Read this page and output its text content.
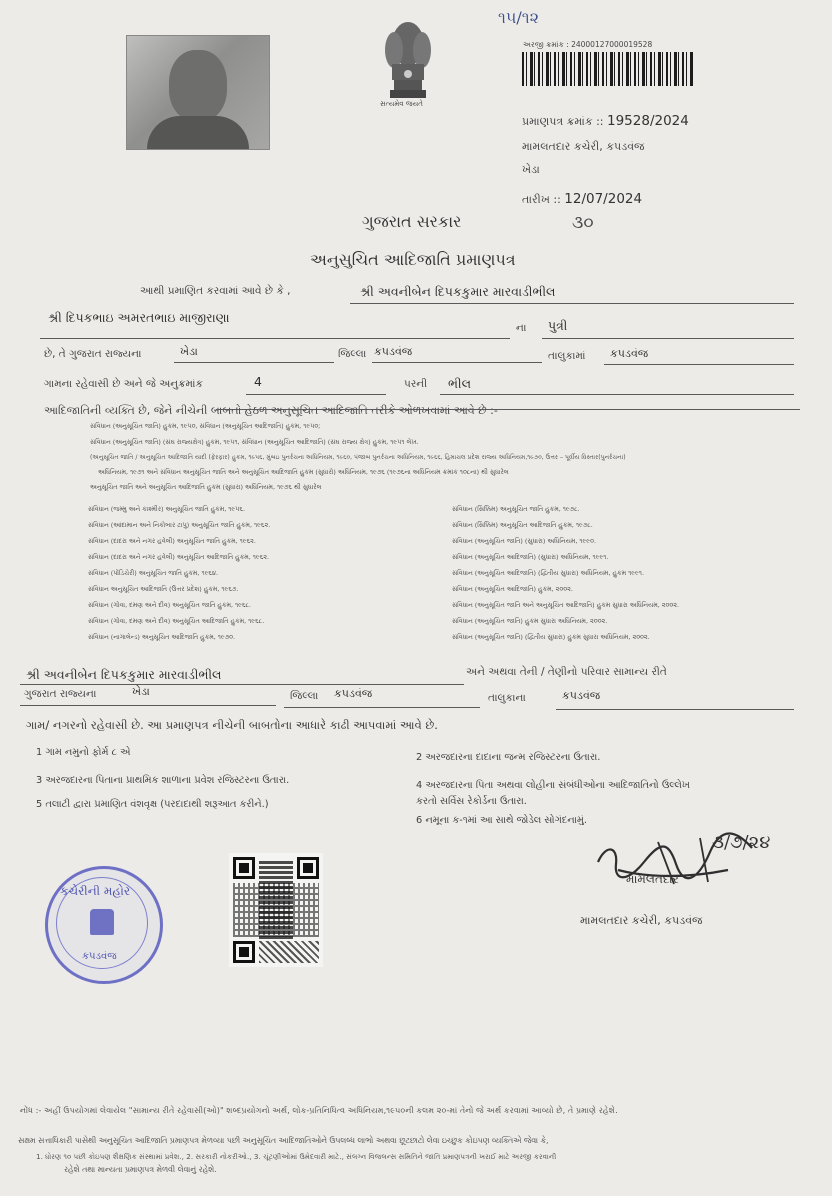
૧૫/૧૨
સત્યમેવ જયતે
અરજી ક્રમાંક : 24000127000019528
પ્રમાણપત્ર ક્રમાંક :: 19528/2024
મામલતદાર કચેરી, કપડવંજ
ખેડા
તારીખ :: 12/07/2024
ગુજરાત સરકાર	૩૦
અનુસુચિત આદિજાતિ પ્રમાણપત્ર
આથી પ્રમાણિત કરવામાં આવે છે કે ,	શ્રી અવનીબેન દિપકકુમાર મારવાડીભીલ
શ્રી દિપકભાઇ અમરતભાઇ માજીરાણા
ના પુત્રી
છે, તે ગુજરાત રાજ્યના	ખેડા	જિલ્લા કપડવંજ	તાલુકામાં કપડવંજ
ગામના રહેવાસી છે અને જે અનુક્રમાંક	4	પરની ભીલ
આદિજાતિની વ્યક્તિ છે, જેને નીચેની બાબતો હેઠળ અનુસૂચિત આદિજાતિ તરીકે ઓળખવામાં આવે છે :-
સંવિધાન (અનુસૂચિત જાતિ) હુકમ, ૧૯૫૦, સંવિધાન (અનુસૂચિત આદિજાતિ) હુકમ, ૧૯૫૦;
સંવિધાન (અનુસૂચિત જાતિ) (સંઘ રાજ્યક્ષેત્ર) હુકમ, ૧૯૫૧, સંવિધાન (અનુસૂચિત આદિજાતિ) (સંઘ રાજ્ય ક્ષેત્ર) હુકમ, ૧૯૫૧ લેખ.
(અનુસૂચિત જાતિ / અનુસૂચિત આદિજાતિ યાદી (ફેરફાર) હુકમ, ૧૯૫૬, મુંબઇ પુનર્રચના અધિનિયમ, ૧૯૬૦, પંજાબ પુનર્રચના અધિનિયમ, ૧૯૬૬, હિમાચલ પ્રદેશ રાજ્ય અધિનિયમ,૧૯૭૦, ઉત્તર – પૂર્વીય વિસ્તાર(પુનર્રચના)
અધિનિયમ, ૧૯૭૧ અને સંવિધાન અનુસૂચિત જાતિ અને અનુસૂચિત આદિજાતિ હુકમ (સુધારો) અધિનિયમ, ૧૯૭૬ (૧૯૭૬ના અધિનિયમ ક્રમાંક ૧૦૮ના) થી સુધારેલ
અનુસૂચિત જાતિ અને અનુસૂચિત આદિજાતિ હુકમ (સુધારા) અધિનિયમ, ૧૯૭૬ થી સુધારેલ
સંવિધાન (જમ્મુ અને કાશ્મીર) અનુસૂચિત જાતિ હુકમ, ૧૯૫૬.
સંવિધાન (આંદામાન અને નિકોબાર ટાપુ) અનુસૂચિત જાતિ હુકમ, ૧૯૬૨.
સંવિધાન (દાદરા અને નગર હવેલી) અનુસૂચિત જાતિ હુકમ, ૧૯૬૨.
સંવિધાન (દાદરા અને નગર હવેલી) અનુસૂચિત આદિજાતિ હુકમ, ૧૯૬૨.
સંવિધાન (પોંડિચેરી) અનુસૂચિત જાતિ હુકમ, ૧૯૬૪.
સંવિધાન અનુસૂચિત આદિજાતિ (ઉત્તર પ્રદેશ) હુકમ, ૧૯૬૭.
સંવિધાન (ગોવા, દમણ અને દીવ) અનુસૂચિત જાતિ હુકમ, ૧૯૬૮.
સંવિધાન (ગોવા, દમણ અને દીવ) અનુસૂચિત આદિજાતિ હુકમ, ૧૯૬૮.
સંવિધાન (નાગાલેન્ડ) અનુસૂચિત આદિજાતિ હુકમ, ૧૯૭૦.
સંવિધાન (સિક્કિમ) અનુસૂચિત જાતિ હુકમ, ૧૯૭૮.
સંવિધાન (સિક્કિમ) અનુસૂચિત આદિજાતિ હુકમ, ૧૯૭૮.
સંવિધાન (અનુસૂચિત જાતિ) (સુધારા) અધિનિયમ, ૧૯૯૦.
સંવિધાન (અનુસૂચિત આદિજાતિ) (સુધારા) અધિનિયમ, ૧૯૯૧.
સંવિધાન (અનુસૂચિત આદિજાતિ) (દ્વિતીય સુધારા) અધિનિયમ, હુકમ ૧૯૯૧.
સંવિધાન (અનુસૂચિત આદિજાતિ) હુકમ, ૨૦૦૨.
સંવિધાન (અનુસૂચિત જાતિ અને અનુસૂચિત આદિજાતિ) હુકમ સુધારા અધિનિયમ, ૨૦૦૨.
સંવિધાન (અનુસૂચિત જાતિ) હુકમ સુધારા અધિનિયમ, ૨૦૦૨.
સંવિધાન (અનુસૂચિત જાતિ) (દ્વિતીય સુધારા) હુકમ સુધારા અધિનિયમ, ૨૦૦૨.
શ્રી અવનીબેન દિપકકુમાર મારવાડીભીલ	અને અથવા તેની / તેણીનો પરિવાર સામાન્ય રીતે
ગુજરાત રાજ્યના	ખેડા	જિલ્લા કપડવંજ	તાલુકાના	કપડવંજ
ગામ/ નગરનો રહેવાસી છે. આ પ્રમાણપત્ર નીચેની બાબતોના આધારે કાઢી આપવામાં આવે છે.
1 ગામ નમુનો ફોર્મ ૮ એ
3 અરજદારના પિતાના પ્રાથમિક શાળાના પ્રવેશ રજિસ્ટરના ઉતારા.
5 તલાટી દ્વારા પ્રમાણિત વંશવૃક્ષ (પરદાદાથી શરૂઆત કરીને.)
2 અરજદારના દાદાના જન્મ રજિસ્ટરના ઉતારા.
4 અરજદારના પિતા અથવા લોહીના સંબંધીઓના આદિજાતિનો ઉલ્લેખ
કરતો સર્વિસ રેકોર્ડના ઉતારા.
6 નમૂના ક-૧માં આ સાથે જોડેલ સોગંદનામું.
કચેરીની મહોર
કપડવંજ
૩/૭/૨૪
મામલતદાર
મામલતદાર કચેરી, કપડવંજ
નોંધ :- અહીં ઉપયોગમાં લેવાયેલ "સામાન્ય રીતે રહેવાસી(ઓ)" શબ્દપ્રયોગનો અર્થ, લોક-પ્રતિનિધિત્વ અધિનિયમ,૧૯૫૦ની કલમ ૨૦-માં તેનો જે અર્થ કરવામાં આવ્યો છે, તે પ્રમાણે રહેશે.
સક્ષમ સત્તાધિકારી પાસેથી અનુસૂચિત આદિજાતિ પ્રમાણપત્ર મેળવ્યા પછી અનુસૂચિત આદિજાતિઓને ઉપલબ્ધ લાભો અથવા છૂટછાટો લેવા ઇચ્છુક કોઇપણ વ્યક્તિએ જેવા કે,
1. ધોરણ ૧૦ પછી કોઇપણ શૈક્ષણિક સંસ્થામાં પ્રવેશ., 2. સરકારી નોકરીઓ., 3. ચૂંટણીઓમાં ઉમેદવારી માટે., સંલગ્ન વિજલન્સ સમિતિને જાતિ પ્રમાણપત્રની ખરાઈ માટે અરજી કરવાની
રહેશે તથા માન્યતા પ્રમાણપત્ર મેળવી લેવાનું રહેશે.
